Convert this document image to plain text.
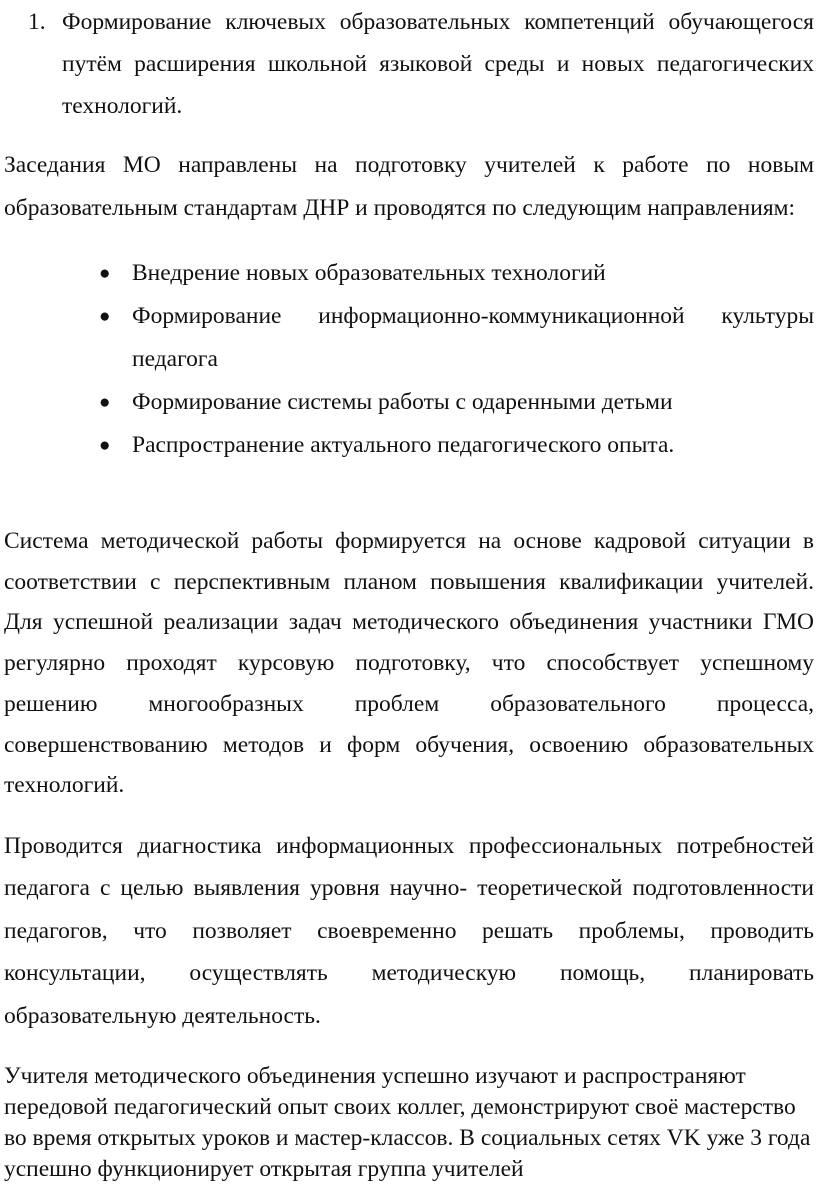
1. Формирование ключевых образовательных компетенций обучающегося путём расширения школьной языковой среды и новых педагогических технологий.
Заседания МО направлены на подготовку учителей к работе по новым образовательным стандартам ДНР и проводятся по следующим направлениям:
● Внедрение новых образовательных технологий
● Формирование информационно-коммуникационной культуры педагога
● Формирование системы работы с одаренными детьми
● Распространение актуального педагогического опыта.
Система методической работы формируется на основе кадровой ситуации в соответствии с перспективным планом повышения квалификации учителей. Для успешной реализации задач методического объединения участники ГМО регулярно проходят курсовую подготовку, что способствует успешному решению многообразных проблем образовательного процесса, совершенствованию методов и форм обучения, освоению образовательных технологий.
Проводится диагностика информационных профессиональных потребностей педагога с целью выявления уровня научно- теоретической подготовленности педагогов, что позволяет своевременно решать проблемы, проводить консультации, осуществлять методическую помощь, планировать образовательную деятельность.
Учителя методического объединения успешно изучают и распространяют передовой педагогический опыт своих коллег, демонстрируют своё мастерство во время открытых уроков и мастер-классов. В социальных сетях VK уже 3 года успешно функционирует открытая группа учителей
